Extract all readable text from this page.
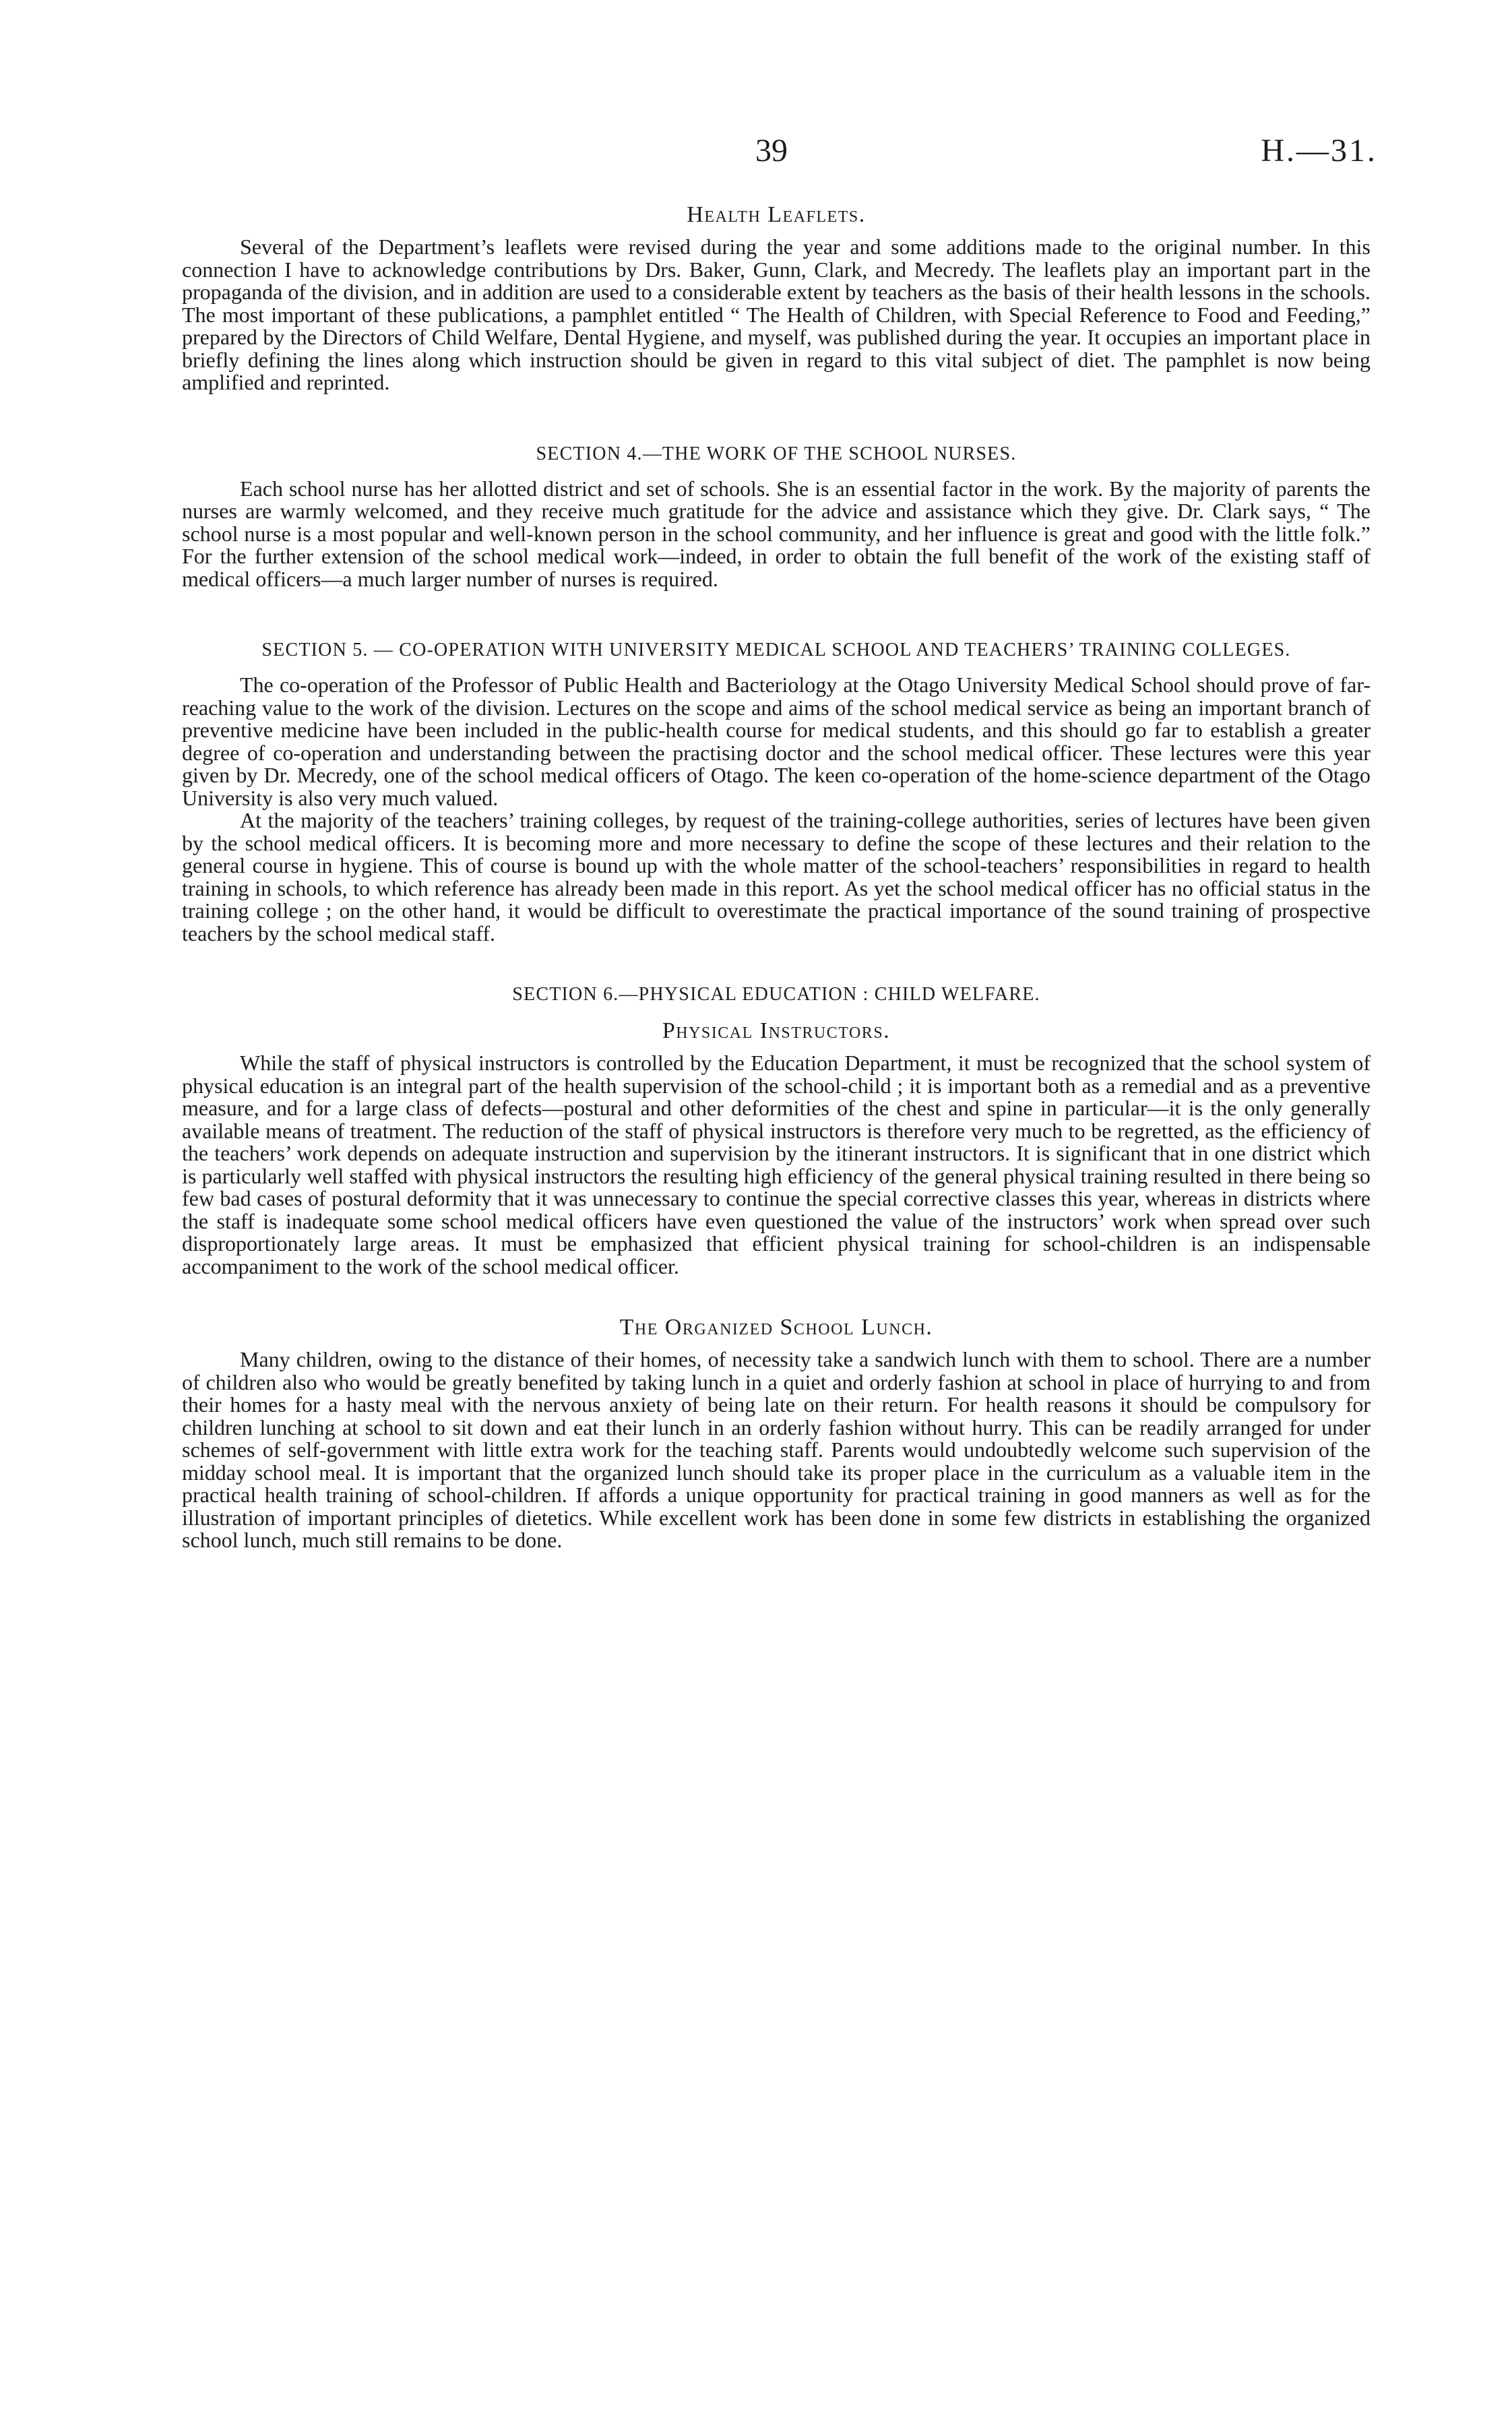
39	H.—31.
Health Leaflets.

Several of the Department’s leaflets were revised during the year and some additions made to the original number. In this connection I have to acknowledge contributions by Drs. Baker, Gunn, Clark, and Mecredy. The leaflets play an important part in the propaganda of the division, and in addition are used to a considerable extent by teachers as the basis of their health lessons in the schools. The most important of these publications, a pamphlet entitled “ The Health of Children, with Special Reference to Food and Feeding,” prepared by the Directors of Child Welfare, Dental Hygiene, and myself, was published during the year. It occupies an important place in briefly defining the lines along which instruction should be given in regard to this vital subject of diet. The pamphlet is now being amplified and reprinted.

SECTION 4.—THE WORK OF THE SCHOOL NURSES.

Each school nurse has her allotted district and set of schools. She is an essential factor in the work. By the majority of parents the nurses are warmly welcomed, and they receive much gratitude for the advice and assistance which they give. Dr. Clark says, “ The school nurse is a most popular and well-known person in the school community, and her influence is great and good with the little folk.” For the further extension of the school medical work—indeed, in order to obtain the full benefit of the work of the existing staff of medical officers—a much larger number of nurses is required.

SECTION 5. — CO-OPERATION WITH UNIVERSITY MEDICAL SCHOOL AND TEACHERS’ TRAINING COLLEGES.

The co-operation of the Professor of Public Health and Bacteriology at the Otago University Medical School should prove of far-reaching value to the work of the division. Lectures on the scope and aims of the school medical service as being an important branch of preventive medicine have been included in the public-health course for medical students, and this should go far to establish a greater degree of co-operation and understanding between the practising doctor and the school medical officer. These lectures were this year given by Dr. Mecredy, one of the school medical officers of Otago. The keen co-operation of the home-science department of the Otago University is also very much valued.

At the majority of the teachers’ training colleges, by request of the training-college authorities, series of lectures have been given by the school medical officers. It is becoming more and more necessary to define the scope of these lectures and their relation to the general course in hygiene. This of course is bound up with the whole matter of the school-teachers’ responsibilities in regard to health training in schools, to which reference has already been made in this report. As yet the school medical officer has no official status in the training college ; on the other hand, it would be difficult to overestimate the practical importance of the sound training of prospective teachers by the school medical staff.

SECTION 6.—PHYSICAL EDUCATION : CHILD WELFARE.
Physical Instructors.

While the staff of physical instructors is controlled by the Education Department, it must be recognized that the school system of physical education is an integral part of the health supervision of the school-child ; it is important both as a remedial and as a preventive measure, and for a large class of defects—postural and other deformities of the chest and spine in particular—it is the only generally available means of treatment. The reduction of the staff of physical instructors is therefore very much to be regretted, as the efficiency of the teachers’ work depends on adequate instruction and supervision by the itinerant instructors. It is significant that in one district which is particularly well staffed with physical instructors the resulting high efficiency of the general physical training resulted in there being so few bad cases of postural deformity that it was unnecessary to continue the special corrective classes this year, whereas in districts where the staff is inadequate some school medical officers have even questioned the value of the instructors’ work when spread over such disproportionately large areas. It must be emphasized that efficient physical training for school-children is an indispensable accompaniment to the work of the school medical officer.

The Organized School Lunch.

Many children, owing to the distance of their homes, of necessity take a sandwich lunch with them to school. There are a number of children also who would be greatly benefited by taking lunch in a quiet and orderly fashion at school in place of hurrying to and from their homes for a hasty meal with the nervous anxiety of being late on their return. For health reasons it should be compulsory for children lunching at school to sit down and eat their lunch in an orderly fashion without hurry. This can be readily arranged for under schemes of self-government with little extra work for the teaching staff. Parents would undoubtedly welcome such supervision of the midday school meal. It is important that the organized lunch should take its proper place in the curriculum as a valuable item in the practical health training of school-children. If affords a unique opportunity for practical training in good manners as well as for the illustration of important principles of dietetics. While excellent work has been done in some few districts in establishing the organized school lunch, much still remains to be done.
